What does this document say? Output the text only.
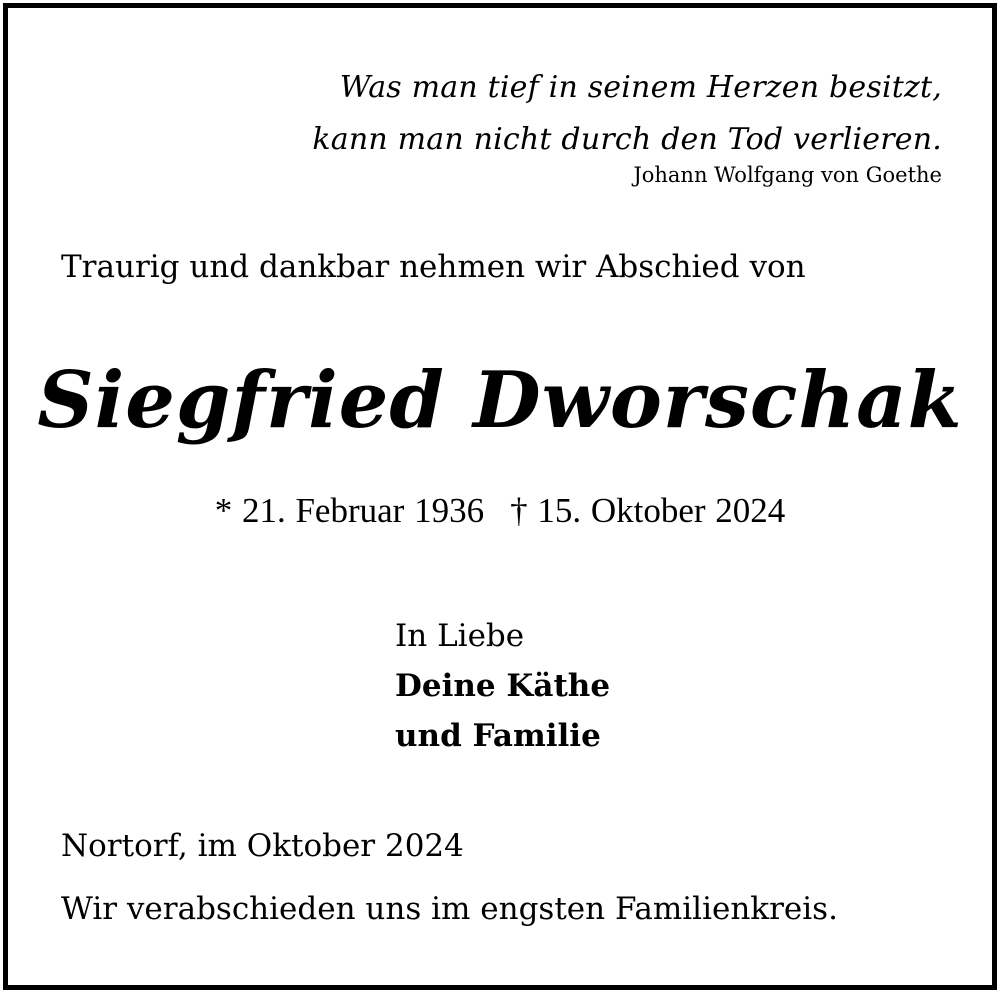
Was man tief in seinem Herzen besitzt,
kann man nicht durch den Tod verlieren.
Johann Wolfgang von Goethe
Traurig und dankbar nehmen wir Abschied von
Siegfried Dworschak
* 21. Februar 1936 † 15. Oktober 2024
In Liebe
Deine Käthe
und Familie
Nortorf, im Oktober 2024
Wir verabschieden uns im engsten Familienkreis.
